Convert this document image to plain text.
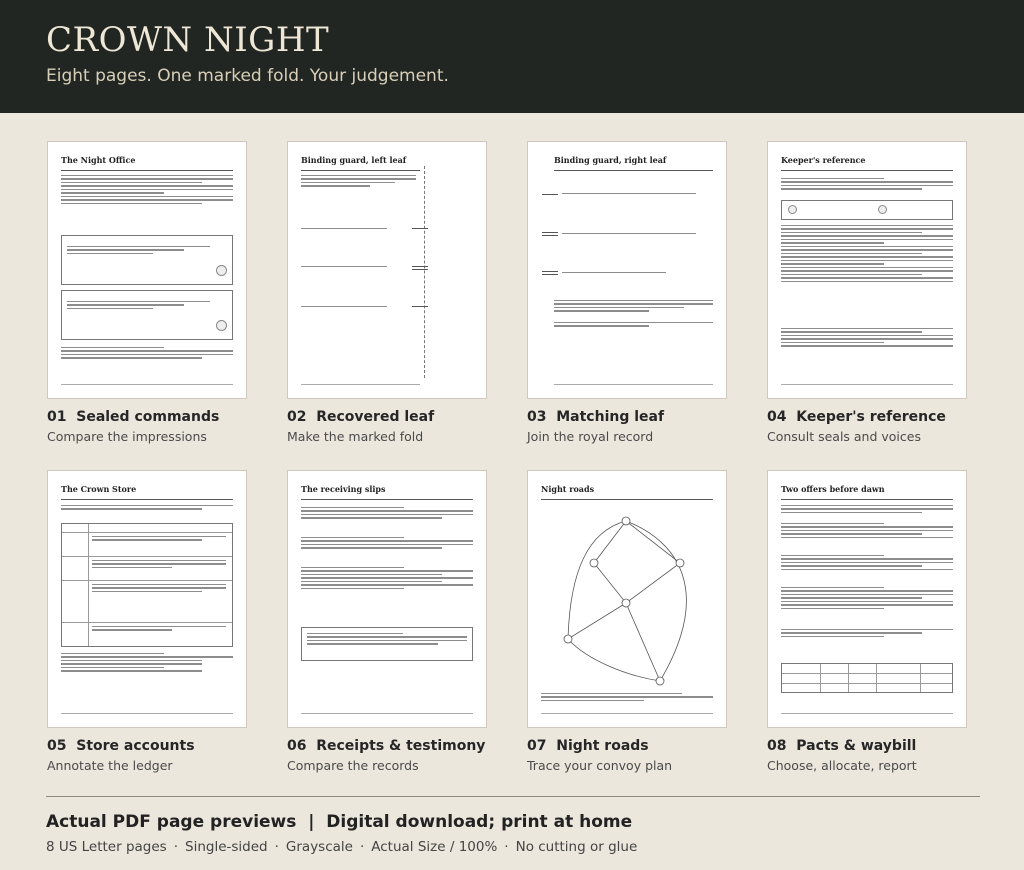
CROWN NIGHT
Eight pages. One marked fold. Your judgement.
The Night Office	Binding guard, left leaf	Binding guard, right leaf	Keeper's reference
01 Sealed commands
Compare the impressions
02 Recovered leaf
Make the marked fold
03 Matching leaf
Join the royal record
04 Keeper's reference
Consult seals and voices
The Crown Store	The receiving slips	Night roads	Two offers before dawn
05 Store accounts
Annotate the ledger
06 Receipts & testimony
Compare the records
07 Night roads
Trace your convoy plan
08 Pacts & waybill
Choose, allocate, report
Actual PDF page previews  |  Digital download; print at home
8 US Letter pages · Single-sided · Grayscale · Actual Size / 100% · No cutting or glue
